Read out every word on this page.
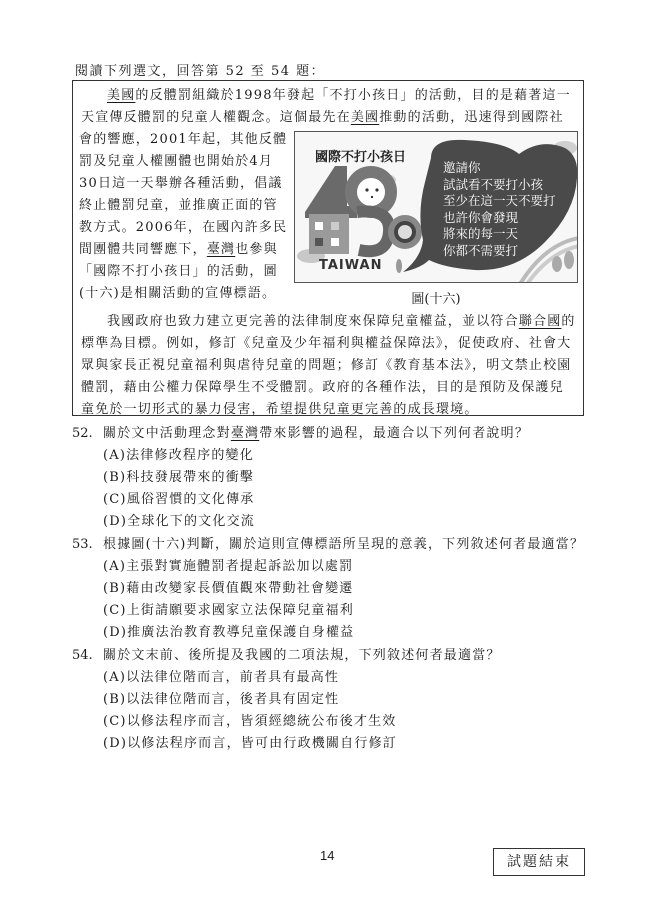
閱讀下列選文，回答第 52 至 54 題：

美國的反體罰組織於1998年發起「不打小孩日」的活動，目的是藉著這一天宣傳反體罰的兒童人權觀念。這個最先在美國推動的活動，迅速得到國際社

會的響應，2001年起，其他反體罰及兒童人權團體也開始於4月30日這一天舉辦各種活動，倡議終止體罰兒童，並推廣正面的管教方式。2006年，在國內許多民間團體共同響應下，臺灣也參與「國際不打小孩日」的活動，圖(十六)是相關活動的宣傳標語。

國際不打小孩日
TAIWAN
邀請你
試試看不要打小孩
至少在這一天不要打
也許你會發現
將來的每一天
你都不需要打
圖(十六)

我國政府也致力建立更完善的法律制度來保障兒童權益，並以符合聯合國的標準為目標。例如，修訂《兒童及少年福利與權益保障法》，促使政府、社會大眾與家長正視兒童福利與虐待兒童的問題；修訂《教育基本法》，明文禁止校園體罰，藉由公權力保障學生不受體罰。政府的各種作法，目的是預防及保護兒童免於一切形式的暴力侵害，希望提供兒童更完善的成長環境。

52. 關於文中活動理念對臺灣帶來影響的過程，最適合以下列何者說明？
(A)法律修改程序的變化
(B)科技發展帶來的衝擊
(C)風俗習慣的文化傳承
(D)全球化下的文化交流
53. 根據圖(十六)判斷，關於這則宣傳標語所呈現的意義，下列敘述何者最適當？
(A)主張對實施體罰者提起訴訟加以處罰
(B)藉由改變家長價值觀來帶動社會變遷
(C)上街請願要求國家立法保障兒童福利
(D)推廣法治教育教導兒童保護自身權益
54. 關於文末前、後所提及我國的二項法規，下列敘述何者最適當？
(A)以法律位階而言，前者具有最高性
(B)以法律位階而言，後者具有固定性
(C)以修法程序而言，皆須經總統公布後才生效
(D)以修法程序而言，皆可由行政機關自行修訂
14	試題結束
